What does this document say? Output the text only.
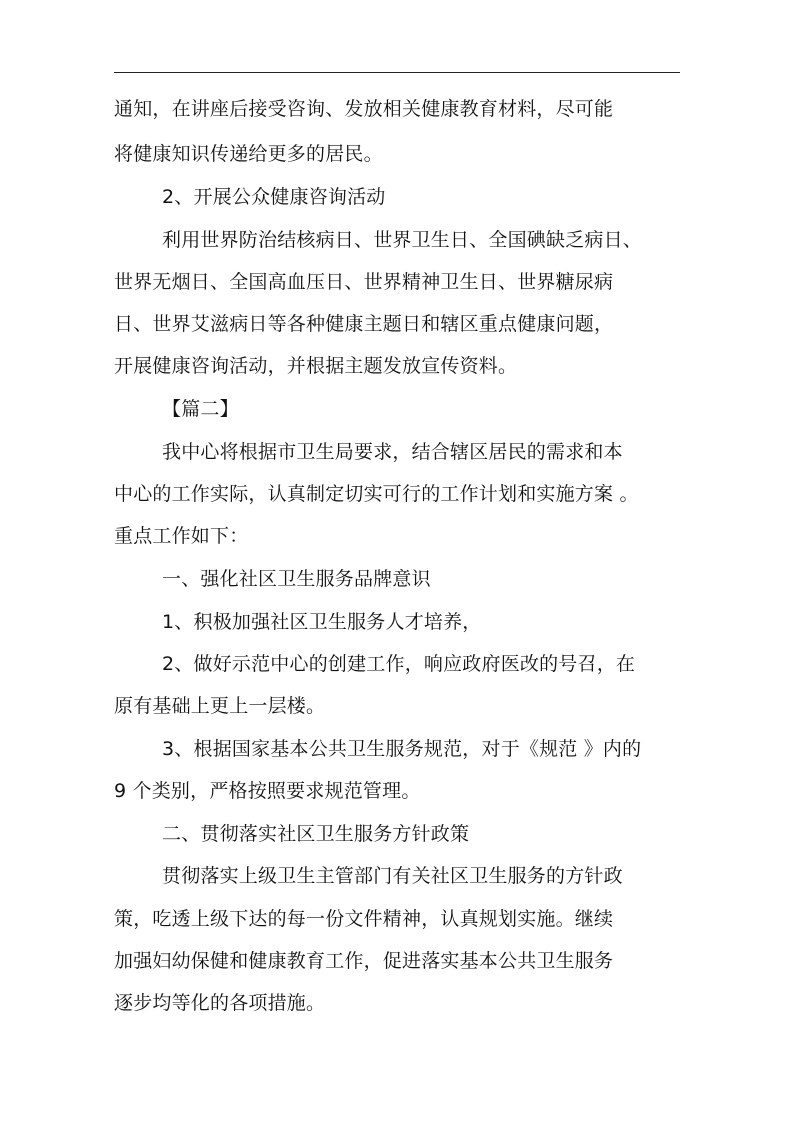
通知，在讲座后接受咨询、发放相关健康教育材料，尽可能
将健康知识传递给更多的居民。
2、开展公众健康咨询活动
利用世界防治结核病日、世界卫生日、全国碘缺乏病日、
世界无烟日、全国高血压日、世界精神卫生日、世界糖尿病
日、世界艾滋病日等各种健康主题日和辖区重点健康问题，
开展健康咨询活动，并根据主题发放宣传资料。
【篇二】
我中心将根据市卫生局要求，结合辖区居民的需求和本
中心的工作实际，认真制定切实可行的工作计划和实施方案 。
重点工作如下：
一、强化社区卫生服务品牌意识
1、积极加强社区卫生服务人才培养，
2、做好示范中心的创建工作，响应政府医改的号召，在
原有基础上更上一层楼。
3、根据国家基本公共卫生服务规范，对于《规范 》内的
9 个类别，严格按照要求规范管理。
二、贯彻落实社区卫生服务方针政策
贯彻落实上级卫生主管部门有关社区卫生服务的方针政
策，吃透上级下达的每一份文件精神，认真规划实施。继续
加强妇幼保健和健康教育工作，促进落实基本公共卫生服务
逐步均等化的各项措施。
